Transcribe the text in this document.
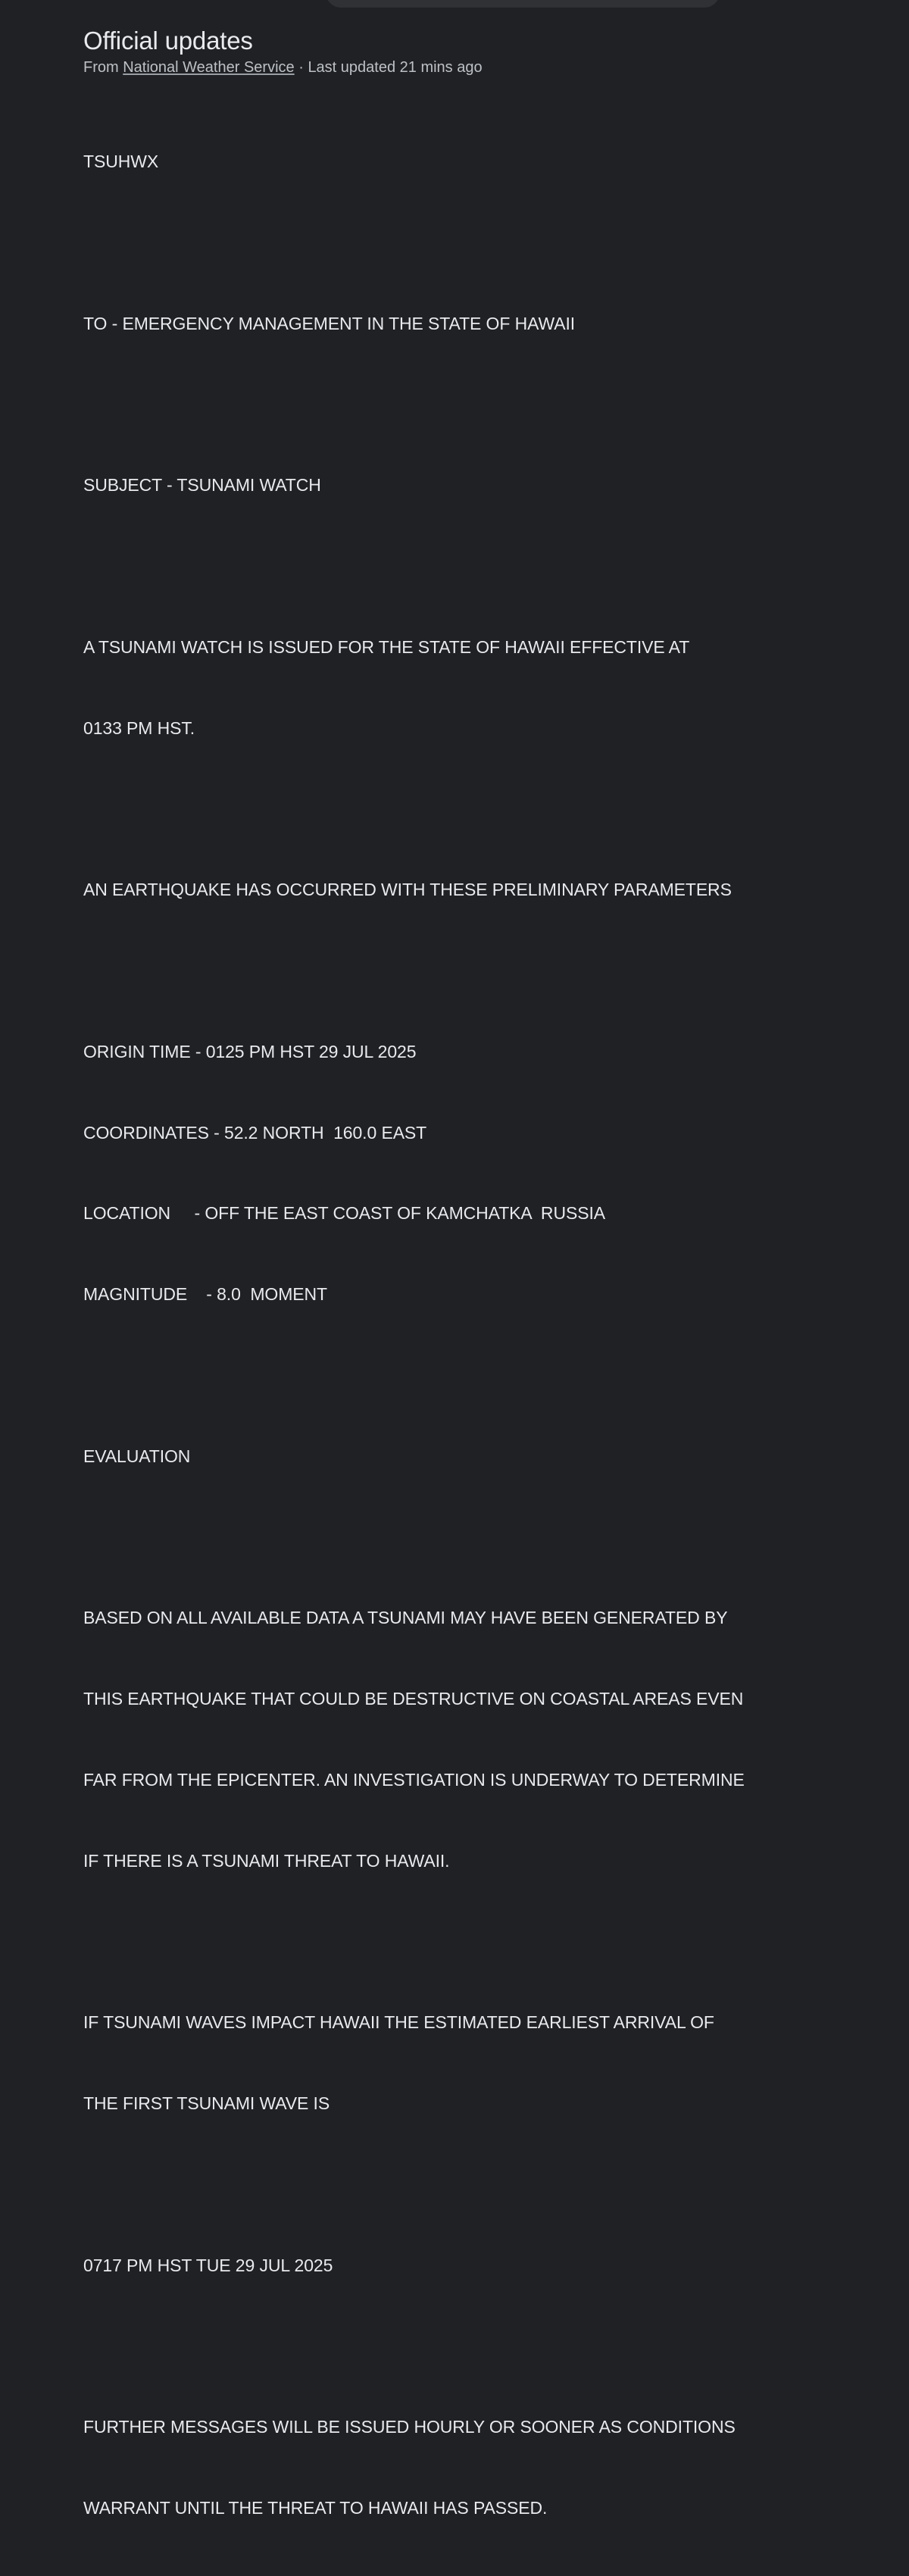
Official updates
From National Weather Service · Last updated 21 mins ago

TSUHWX

TO - EMERGENCY MANAGEMENT IN THE STATE OF HAWAII

SUBJECT - TSUNAMI WATCH

A TSUNAMI WATCH IS ISSUED FOR THE STATE OF HAWAII EFFECTIVE AT

0133 PM HST.

AN EARTHQUAKE HAS OCCURRED WITH THESE PRELIMINARY PARAMETERS

ORIGIN TIME - 0125 PM HST 29 JUL 2025

COORDINATES - 52.2 NORTH  160.0 EAST

LOCATION     - OFF THE EAST COAST OF KAMCHATKA  RUSSIA

MAGNITUDE    - 8.0  MOMENT

EVALUATION

BASED ON ALL AVAILABLE DATA A TSUNAMI MAY HAVE BEEN GENERATED BY

THIS EARTHQUAKE THAT COULD BE DESTRUCTIVE ON COASTAL AREAS EVEN

FAR FROM THE EPICENTER. AN INVESTIGATION IS UNDERWAY TO DETERMINE

IF THERE IS A TSUNAMI THREAT TO HAWAII.

IF TSUNAMI WAVES IMPACT HAWAII THE ESTIMATED EARLIEST ARRIVAL OF

THE FIRST TSUNAMI WAVE IS

0717 PM HST TUE 29 JUL 2025

FURTHER MESSAGES WILL BE ISSUED HOURLY OR SOONER AS CONDITIONS

WARRANT UNTIL THE THREAT TO HAWAII HAS PASSED.
